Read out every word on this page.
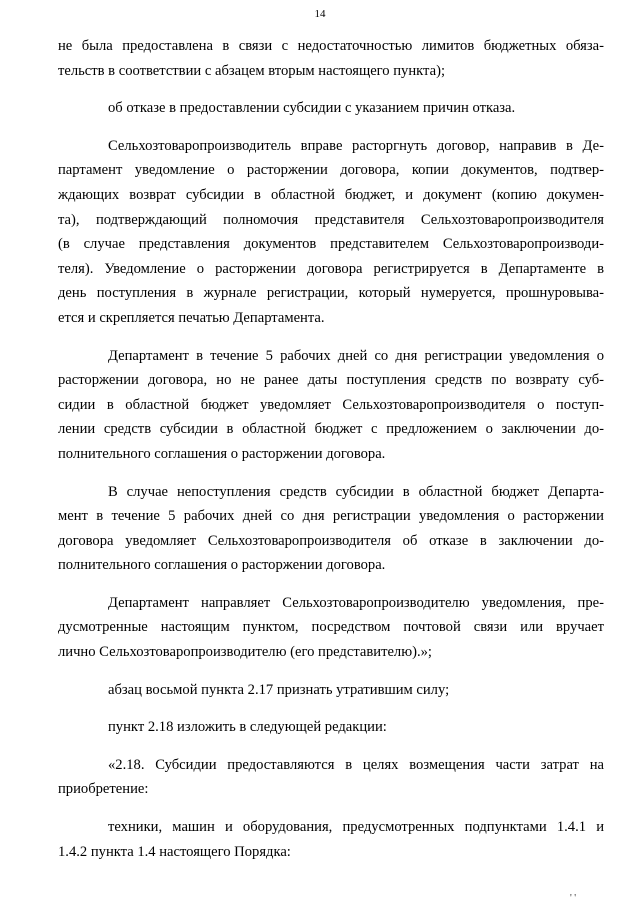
14
не была предоставлена в связи с недостаточностью лимитов бюджетных обяза-
тельств в соответствии с абзацем вторым настоящего пункта);
об отказе в предоставлении субсидии с указанием причин отказа.
Сельхозтоваропроизводитель вправе расторгнуть договор, направив в Де-
партамент уведомление о расторжении договора, копии документов, подтвер-
ждающих возврат субсидии в областной бюджет, и документ (копию докумен-
та), подтверждающий полномочия представителя Сельхозтоваропроизводителя
(в случае представления документов представителем Сельхозтоваропроизводи-
теля). Уведомление о расторжении договора регистрируется в Департаменте в
день поступления в журнале регистрации, который нумеруется, прошнуровыва-
ется и скрепляется печатью Департамента.
Департамент в течение 5 рабочих дней со дня регистрации уведомления о
расторжении договора, но не ранее даты поступления средств по возврату суб-
сидии в областной бюджет уведомляет Сельхозтоваропроизводителя о поступ-
лении средств субсидии в областной бюджет с предложением о заключении до-
полнительного соглашения о расторжении договора.
В случае непоступления средств субсидии в областной бюджет Департа-
мент в течение 5 рабочих дней со дня регистрации уведомления о расторжении
договора уведомляет Сельхозтоваропроизводителя об отказе в заключении до-
полнительного соглашения о расторжении договора.
Департамент направляет Сельхозтоваропроизводителю уведомления, пре-
дусмотренные настоящим пунктом, посредством почтовой связи или вручает
лично Сельхозтоваропроизводителю (его представителю).»;
абзац восьмой пункта 2.17 признать утратившим силу;
пункт 2.18 изложить в следующей редакции:
«2.18. Субсидии предоставляются в целях возмещения части затрат на
приобретение:
техники, машин и оборудования, предусмотренных подпунктами 1.4.1 и
1.4.2 пункта 1.4 настоящего Порядка:
' '
